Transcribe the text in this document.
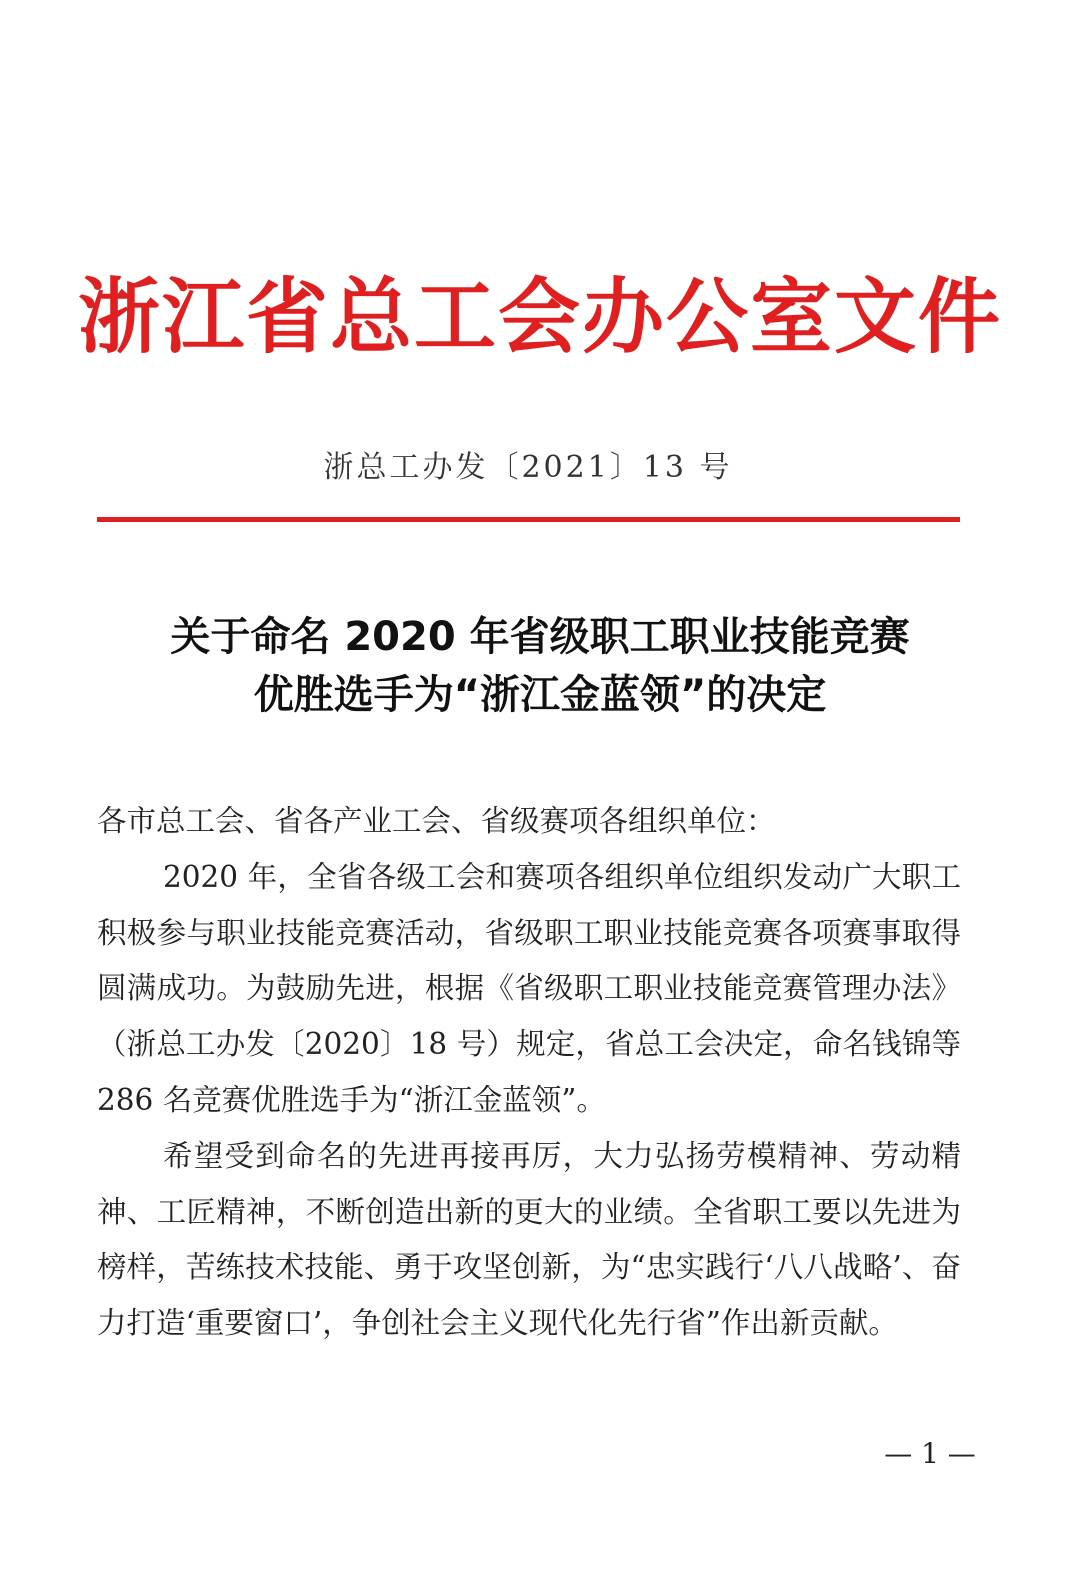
浙江省总工会办公室文件
浙总工办发〔2021〕13 号
关于命名 2020 年省级职工职业技能竞赛
优胜选手为“浙江金蓝领”的决定

各市总工会、省各产业工会、省级赛项各组织单位：

2020 年，全省各级工会和赛项各组织单位组织发动广大职工积极参与职业技能竞赛活动，省级职工职业技能竞赛各项赛事取得圆满成功。为鼓励先进，根据《省级职工职业技能竞赛管理办法》（浙总工办发〔2020〕18 号）规定，省总工会决定，命名钱锦等 286 名竞赛优胜选手为“浙江金蓝领”。

希望受到命名的先进再接再厉，大力弘扬劳模精神、劳动精神、工匠精神，不断创造出新的更大的业绩。全省职工要以先进为榜样，苦练技术技能、勇于攻坚创新，为“忠实践行‘八八战略’、奋力打造‘重要窗口’，争创社会主义现代化先行省”作出新贡献。

— 1 —
